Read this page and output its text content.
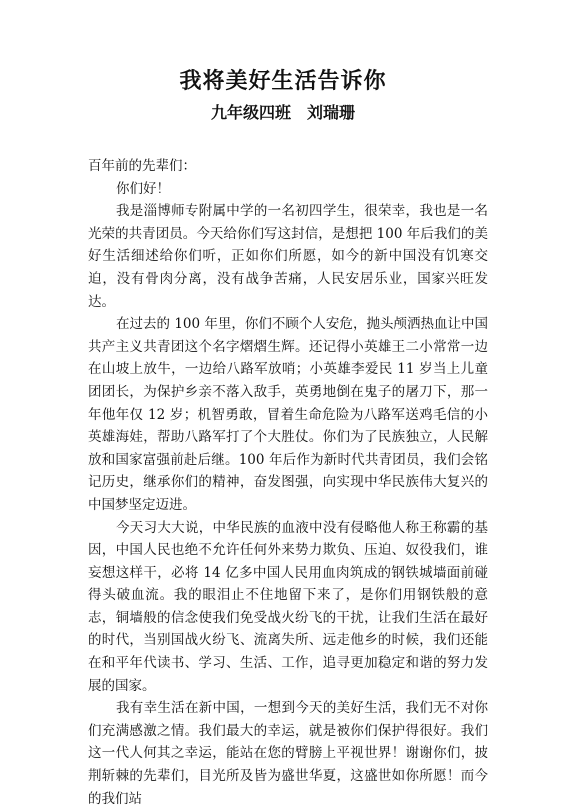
我将美好生活告诉你
九年级四班　刘瑞珊

百年前的先辈们：

你们好！

我是淄博师专附属中学的一名初四学生，很荣幸，我也是一名光荣的共青团员。今天给你们写这封信，是想把 100 年后我们的美好生活细述给你们听，正如你们所愿，如今的新中国没有饥寒交迫，没有骨肉分离，没有战争苦痛，人民安居乐业，国家兴旺发达。

在过去的 100 年里，你们不顾个人安危，抛头颅洒热血让中国共产主义共青团这个名字熠熠生辉。还记得小英雄王二小常常一边在山坡上放牛，一边给八路军放哨；小英雄李爱民 11 岁当上儿童团团长，为保护乡亲不落入敌手，英勇地倒在鬼子的屠刀下，那一年他年仅 12 岁；机智勇敢，冒着生命危险为八路军送鸡毛信的小英雄海娃，帮助八路军打了个大胜仗。你们为了民族独立，人民解放和国家富强前赴后继。100 年后作为新时代共青团员，我们会铭记历史，继承你们的精神，奋发图强，向实现中华民族伟大复兴的中国梦坚定迈进。

今天习大大说，中华民族的血液中没有侵略他人称王称霸的基因，中国人民也绝不允许任何外来势力欺负、压迫、奴役我们，谁妄想这样干，必将 14 亿多中国人民用血肉筑成的钢铁城墙面前碰得头破血流。我的眼泪止不住地留下来了，是你们用钢铁般的意志，铜墙般的信念使我们免受战火纷飞的干扰，让我们生活在最好的时代，当别国战火纷飞、流离失所、远走他乡的时候，我们还能在和平年代读书、学习、生活、工作，追寻更加稳定和谐的努力发展的国家。

我有幸生活在新中国，一想到今天的美好生活，我们无不对你们充满感激之情。我们最大的幸运，就是被你们保护得很好。我们这一代人何其之幸运，能站在您的臂膀上平视世界！谢谢你们，披荆斩棘的先辈们，目光所及皆为盛世华夏，这盛世如你所愿！而今的我们站
